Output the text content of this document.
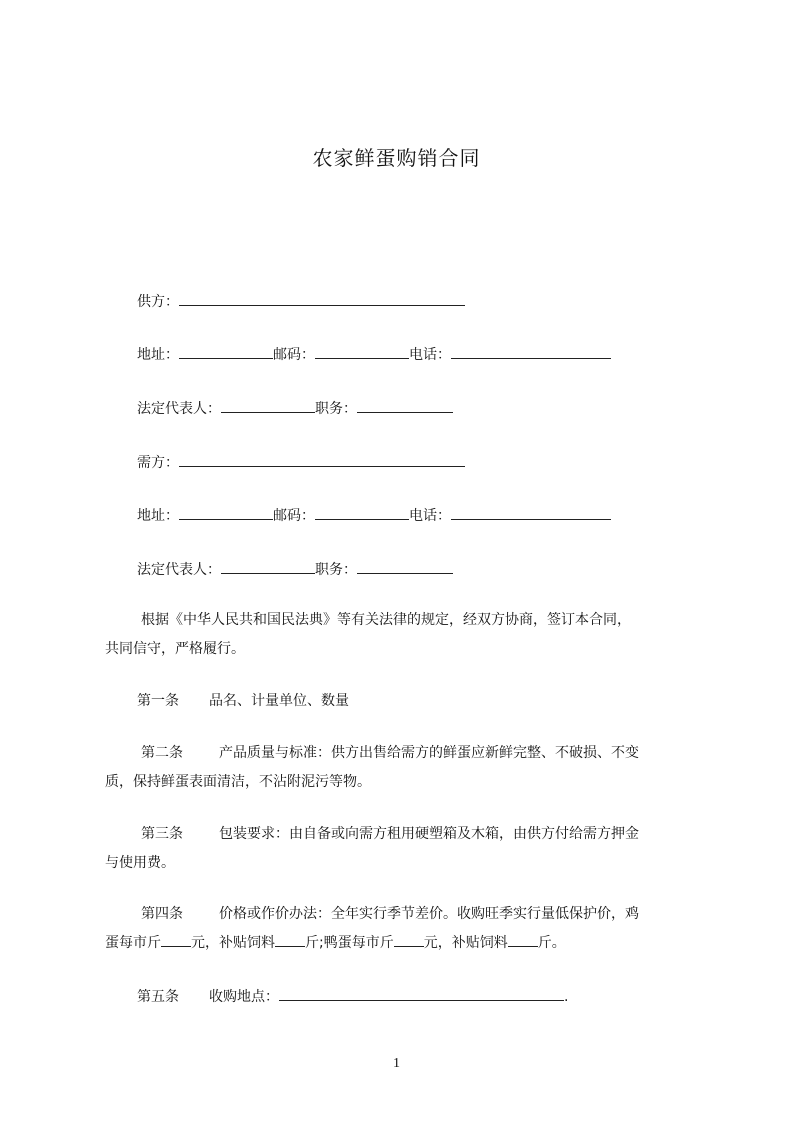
农家鲜蛋购销合同
供方：
地址：	邮码：	电话：
法定代表人：	职务：
需方：
地址：	邮码：	电话：
法定代表人：	职务：
根据《中华人民共和国民法典》等有关法律的规定，经双方协商，签订本合同，
共同信守，严格履行。
第一条 品名、计量单位、数量
第二条	产品质量与标准：供方出售给需方的鲜蛋应新鲜完整、不破损、不变
质，保持鲜蛋表面清洁，不沾附泥污等物。
第三条	包装要求：由自备或向需方租用硬塑箱及木箱，由供方付给需方押金
与使用费。
第四条	价格或作价办法：全年实行季节差价。收购旺季实行量低保护价，鸡
蛋每市斤 元，补贴饲料 斤;鸭蛋每市斤 元，补贴饲料 斤。
第五条 收购地点：	.
1
